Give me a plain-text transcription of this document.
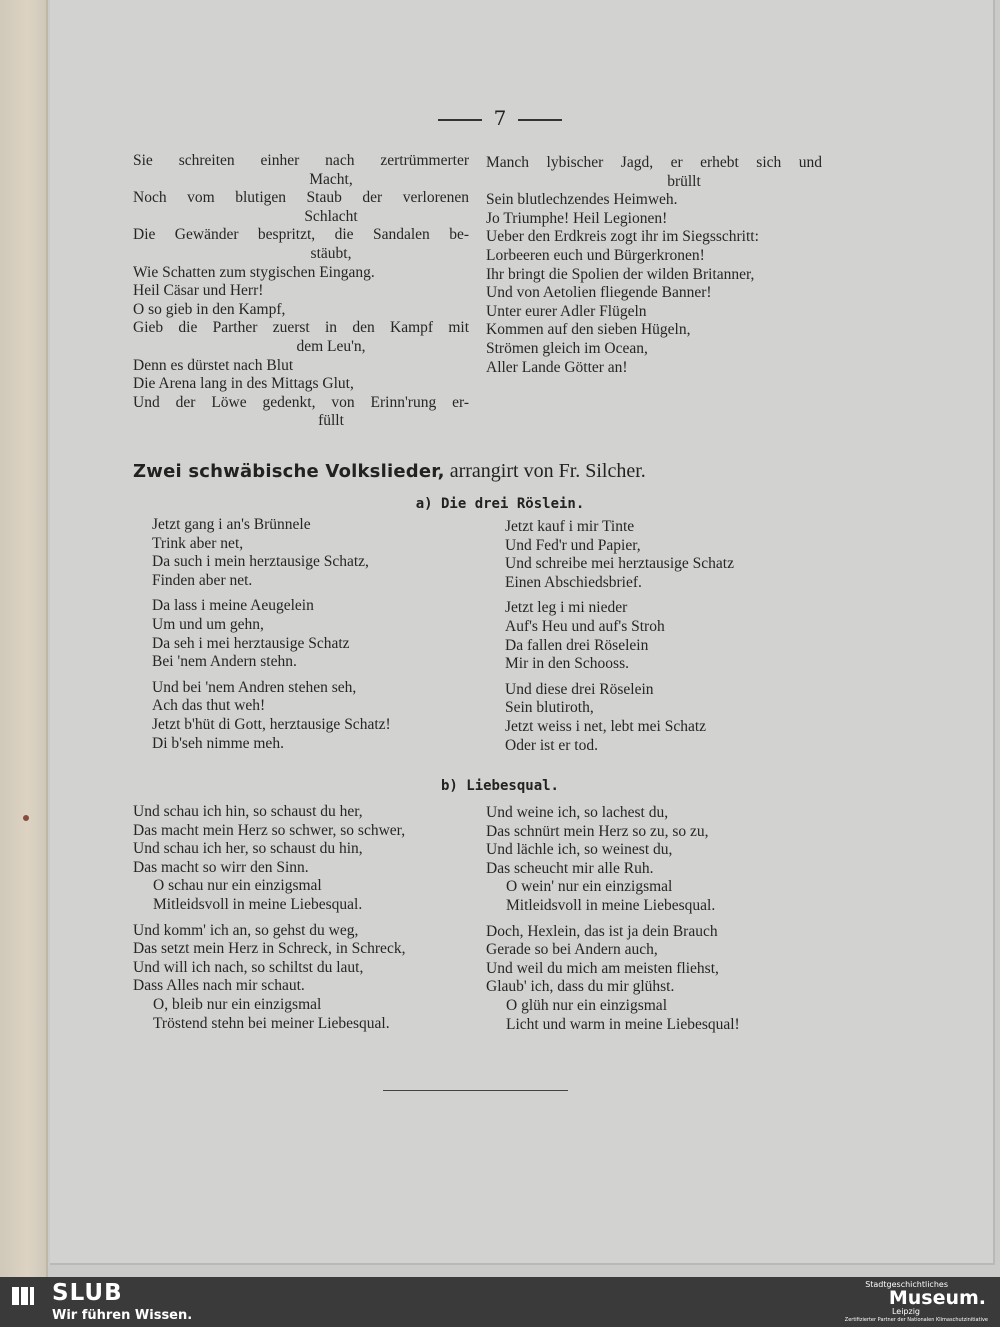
7
Sie schreiten einher nach zertrümmerter
Macht,
Noch vom blutigen Staub der verlorenen
Schlacht
Die Gewänder bespritzt, die Sandalen be-
stäubt,
Wie Schatten zum stygischen Eingang.
Heil Cäsar und Herr!
O so gieb in den Kampf,
Gieb die Parther zuerst in den Kampf mit
dem Leu'n,
Denn es dürstet nach Blut
Die Arena lang in des Mittags Glut,
Und der Löwe gedenkt, von Erinn'rung er-
füllt
Manch lybischer Jagd, er erhebt sich und
brüllt
Sein blutlechzendes Heimweh.
Jo Triumphe! Heil Legionen!
Ueber den Erdkreis zogt ihr im Siegsschritt:
Lorbeeren euch und Bürgerkronen!
Ihr bringt die Spolien der wilden Britanner,
Und von Aetolien fliegende Banner!
Unter eurer Adler Flügeln
Kommen auf den sieben Hügeln,
Strömen gleich im Ocean,
Aller Lande Götter an!
Zwei schwäbische Volkslieder, arrangirt von Fr. Silcher.
a) Die drei Röslein.
Jetzt gang i an's Brünnele
Trink aber net,
Da such i mein herztausige Schatz,
Finden aber net.
Da lass i meine Aeugelein
Um und um gehn,
Da seh i mei herztausige Schatz
Bei 'nem Andern stehn.
Und bei 'nem Andren stehen seh,
Ach das thut weh!
Jetzt b'hüt di Gott, herztausige Schatz!
Di b'seh nimme meh.
Jetzt kauf i mir Tinte
Und Fed'r und Papier,
Und schreibe mei herztausige Schatz
Einen Abschiedsbrief.
Jetzt leg i mi nieder
Auf's Heu und auf's Stroh
Da fallen drei Röselein
Mir in den Schooss.
Und diese drei Röselein
Sein blutiroth,
Jetzt weiss i net, lebt mei Schatz
Oder ist er tod.
b) Liebesqual.
Und schau ich hin, so schaust du her,
Das macht mein Herz so schwer, so schwer,
Und schau ich her, so schaust du hin,
Das macht so wirr den Sinn.
O schau nur ein einzigsmal
Mitleidsvoll in meine Liebesqual.
Und komm' ich an, so gehst du weg,
Das setzt mein Herz in Schreck, in Schreck,
Und will ich nach, so schiltst du laut,
Dass Alles nach mir schaut.
O, bleib nur ein einzigsmal
Tröstend stehn bei meiner Liebesqual.
Und weine ich, so lachest du,
Das schnürt mein Herz so zu, so zu,
Und lächle ich, so weinest du,
Das scheucht mir alle Ruh.
O wein' nur ein einzigsmal
Mitleidsvoll in meine Liebesqual.
Doch, Hexlein, das ist ja dein Brauch
Gerade so bei Andern auch,
Und weil du mich am meisten fliehst,
Glaub' ich, dass du mir glühst.
O glüh nur ein einzigsmal
Licht und warm in meine Liebesqual!
SLUB
Wir führen Wissen.
Stadtgeschichtliches
Museum.
Leipzig
Zertifizierter Partner der Nationalen Klimaschutzinitiative
